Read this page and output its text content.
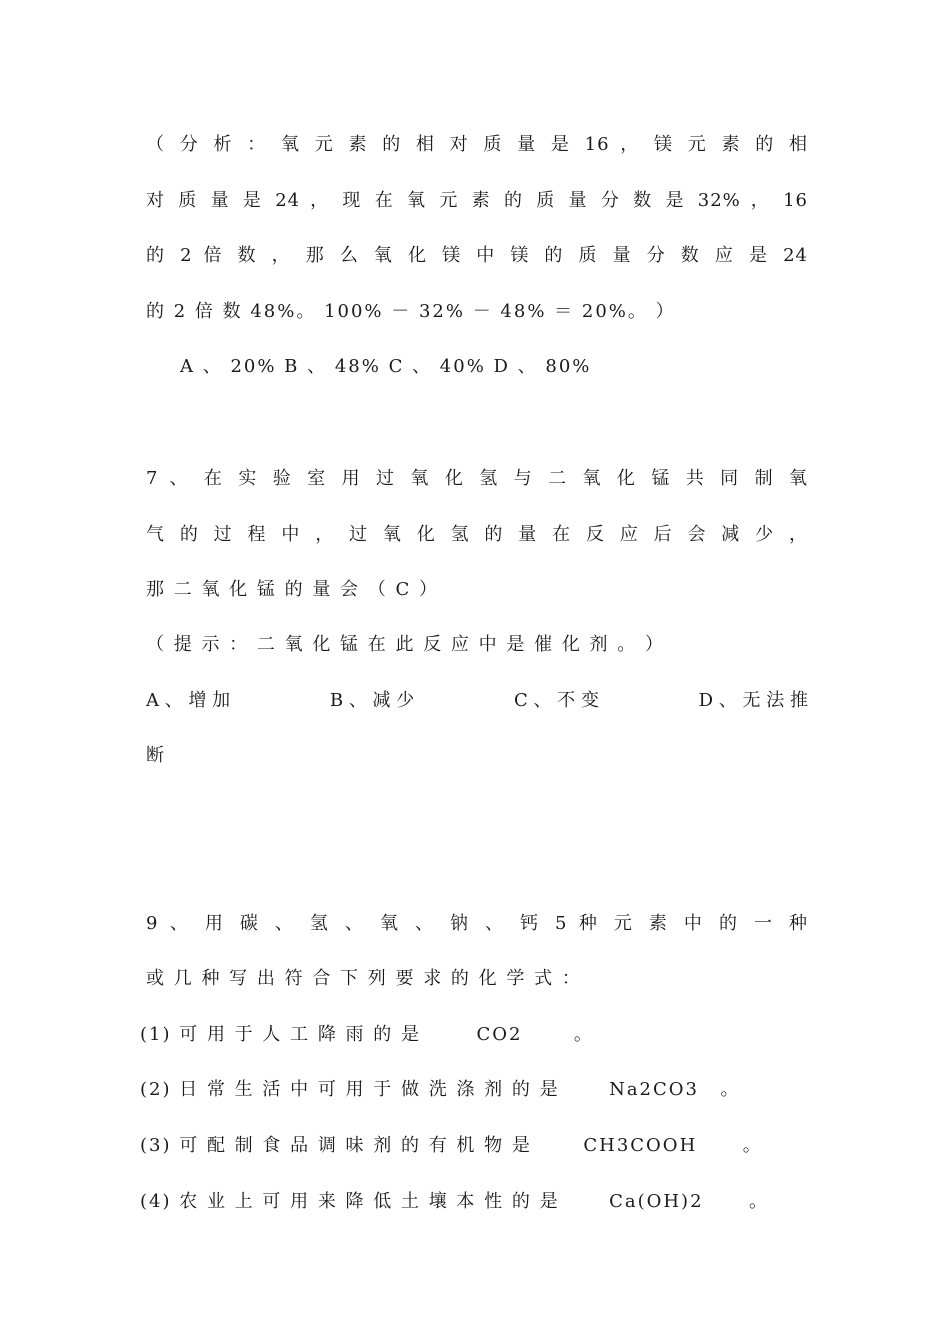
（ 分 析 ： 氧 元 素 的 相 对 质 量 是 16 ， 镁 元 素 的 相
对 质 量 是 24 ， 现 在 氧 元 素 的 质 量 分 数 是 32% ， 16
的 2 倍 数 ， 那 么 氧 化 镁 中 镁 的 质 量 分 数 应 是 24
的 2 倍 数 48%。 100% － 32% － 48% ＝ 20%。 ）
A 、 20% B 、 48% C 、 40% D 、 80%
7 、 在 实 验 室 用 过 氧 化 氢 与 二 氧 化 锰 共 同 制 氧
气 的 过 程 中 ， 过 氧 化 氢 的 量 在 反 应 后 会 减 少 ，
那 二 氧 化 锰 的 量 会 （ C ）
（ 提 示 ： 二 氧 化 锰 在 此 反 应 中 是 催 化 剂 。 ）
A 、 增 加	B 、 减 少	C 、 不 变	D 、 无 法 推
断
9 、 用 碳 、 氢 、 氧 、 钠 、 钙 5 种 元 素 中 的 一 种
或 几 种 写 出 符 合 下 列 要 求 的 化 学 式 ：
(1) 可 用 于 人 工 降 雨 的 是	CO2	。
(2) 日 常 生 活 中 可 用 于 做 洗 涤 剂 的 是	Na2CO3 。
(3) 可 配 制 食 品 调 味 剂 的 有 机 物 是	CH3COOH	。
(4) 农 业 上 可 用 来 降 低 土 壤 本 性 的 是	Ca(OH)2	。
